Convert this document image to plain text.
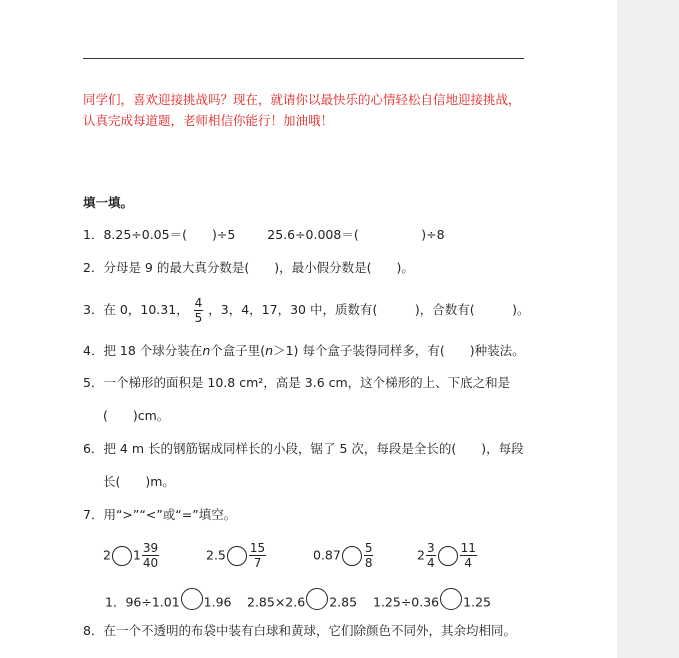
同学们，喜欢迎接挑战吗？现在，就请你以最快乐的心情轻松自信地迎接挑战，
认真完成每道题，老师相信你能行！加油哦！
填一填。
1．8.25÷0.05＝(　　)÷5	25.6÷0.008＝(　　　　　)÷8
2．分母是 9 的最大真分数是(　　)，最小假分数是(　　)。
3．在 0，10.31， $\frac{4}{5}$ ，3，4，17，30 中，质数有(　　　)，合数有(　　　)。
4．把 18 个球分装在n个盒子里(n＞1) 每个盒子装得同样多，有(　　)种装法。
5．一个梯形的面积是 10.8 cm²，高是 3.6 cm，这个梯形的上、下底之和是
(　　)cm。
6．把 4 m 长的钢筋锯成同样长的小段，锯了 5 次，每段是全长的(　　)，每段
长(　　)m。
7．用“>”“<”或“=”填空。
2 $1 \frac{39}{40}$	$2.5 \frac{15}{7}$	$0.87 \frac{5}{8}$	$2 \frac{3}{4} \frac{11}{4}$
1．96÷1.01 1.96 2.85×2.6 2.85 1.25÷0.36 1.25
8．在一个不透明的布袋中装有白球和黄球，它们除颜色不同外，其余均相同。
